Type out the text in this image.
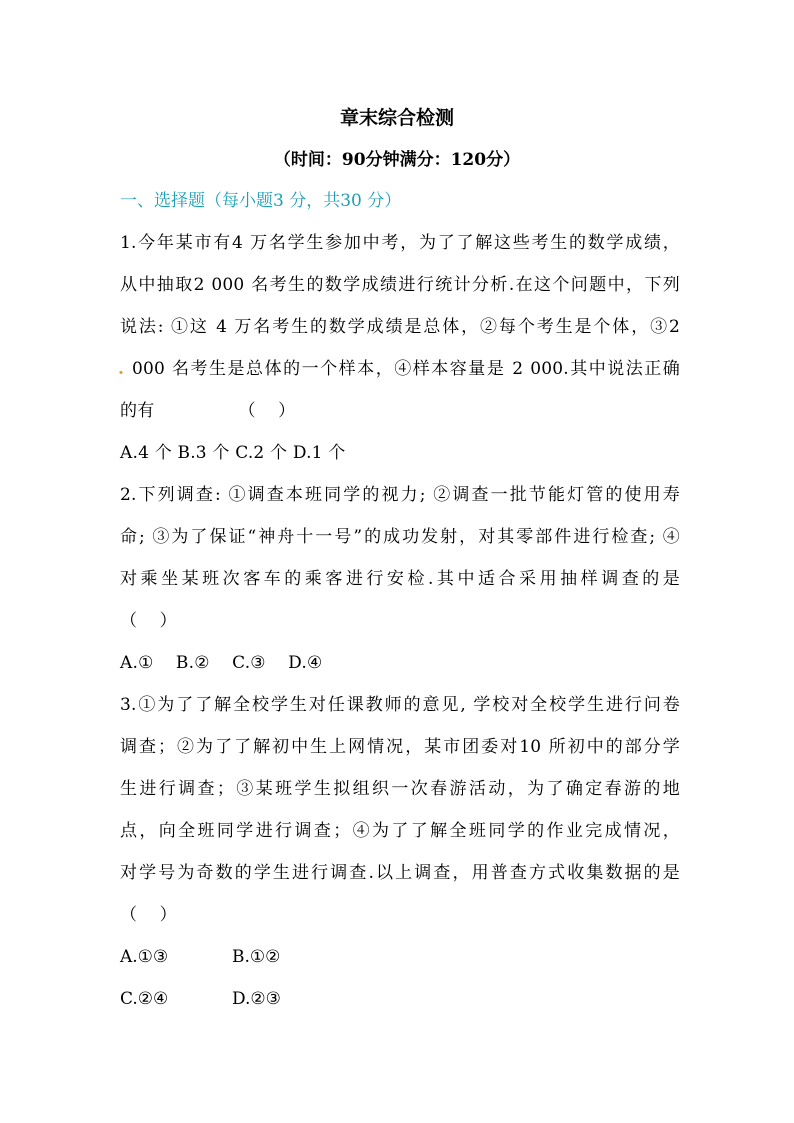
章末综合检测
（时间：90分钟满分：120分）
一、选择题（每小题3 分，共30 分）
1.今年某市有4 万名学生参加中考，为了了解这些考生的数学成绩，
从中抽取2 000 名考生的数学成绩进行统计分析.在这个问题中，下列
说法: ①这 4 万名考生的数学成绩是总体，②每个考生是个体，③2
. 000 名考生是总体的一个样本，④样本容量是 2 000.其中说法正确
的有               （    ）
A.4 个 B.3 个 C.2 个 D.1 个
2.下列调查: ①调查本班同学的视力; ②调查一批节能灯管的使用寿
命; ③为了保证“神舟十一号”的成功发射，对其零部件进行检查; ④
对乘坐某班次客车的乘客进行安检.其中适合采用抽样调查的是
（    ）
A.①    B.②    C.③    D.④
3.①为了了解全校学生对任课教师的意见, 学校对全校学生进行问卷
调查；②为了了解初中生上网情况，某市团委对10 所初中的部分学
生进行调查；③某班学生拟组织一次春游活动，为了确定春游的地
点，向全班同学进行调查；④为了了解全班同学的作业完成情况，
对学号为奇数的学生进行调查.以上调查，用普查方式收集数据的是
（    ）
A.①③	B.①②
C.②④	D.②③
